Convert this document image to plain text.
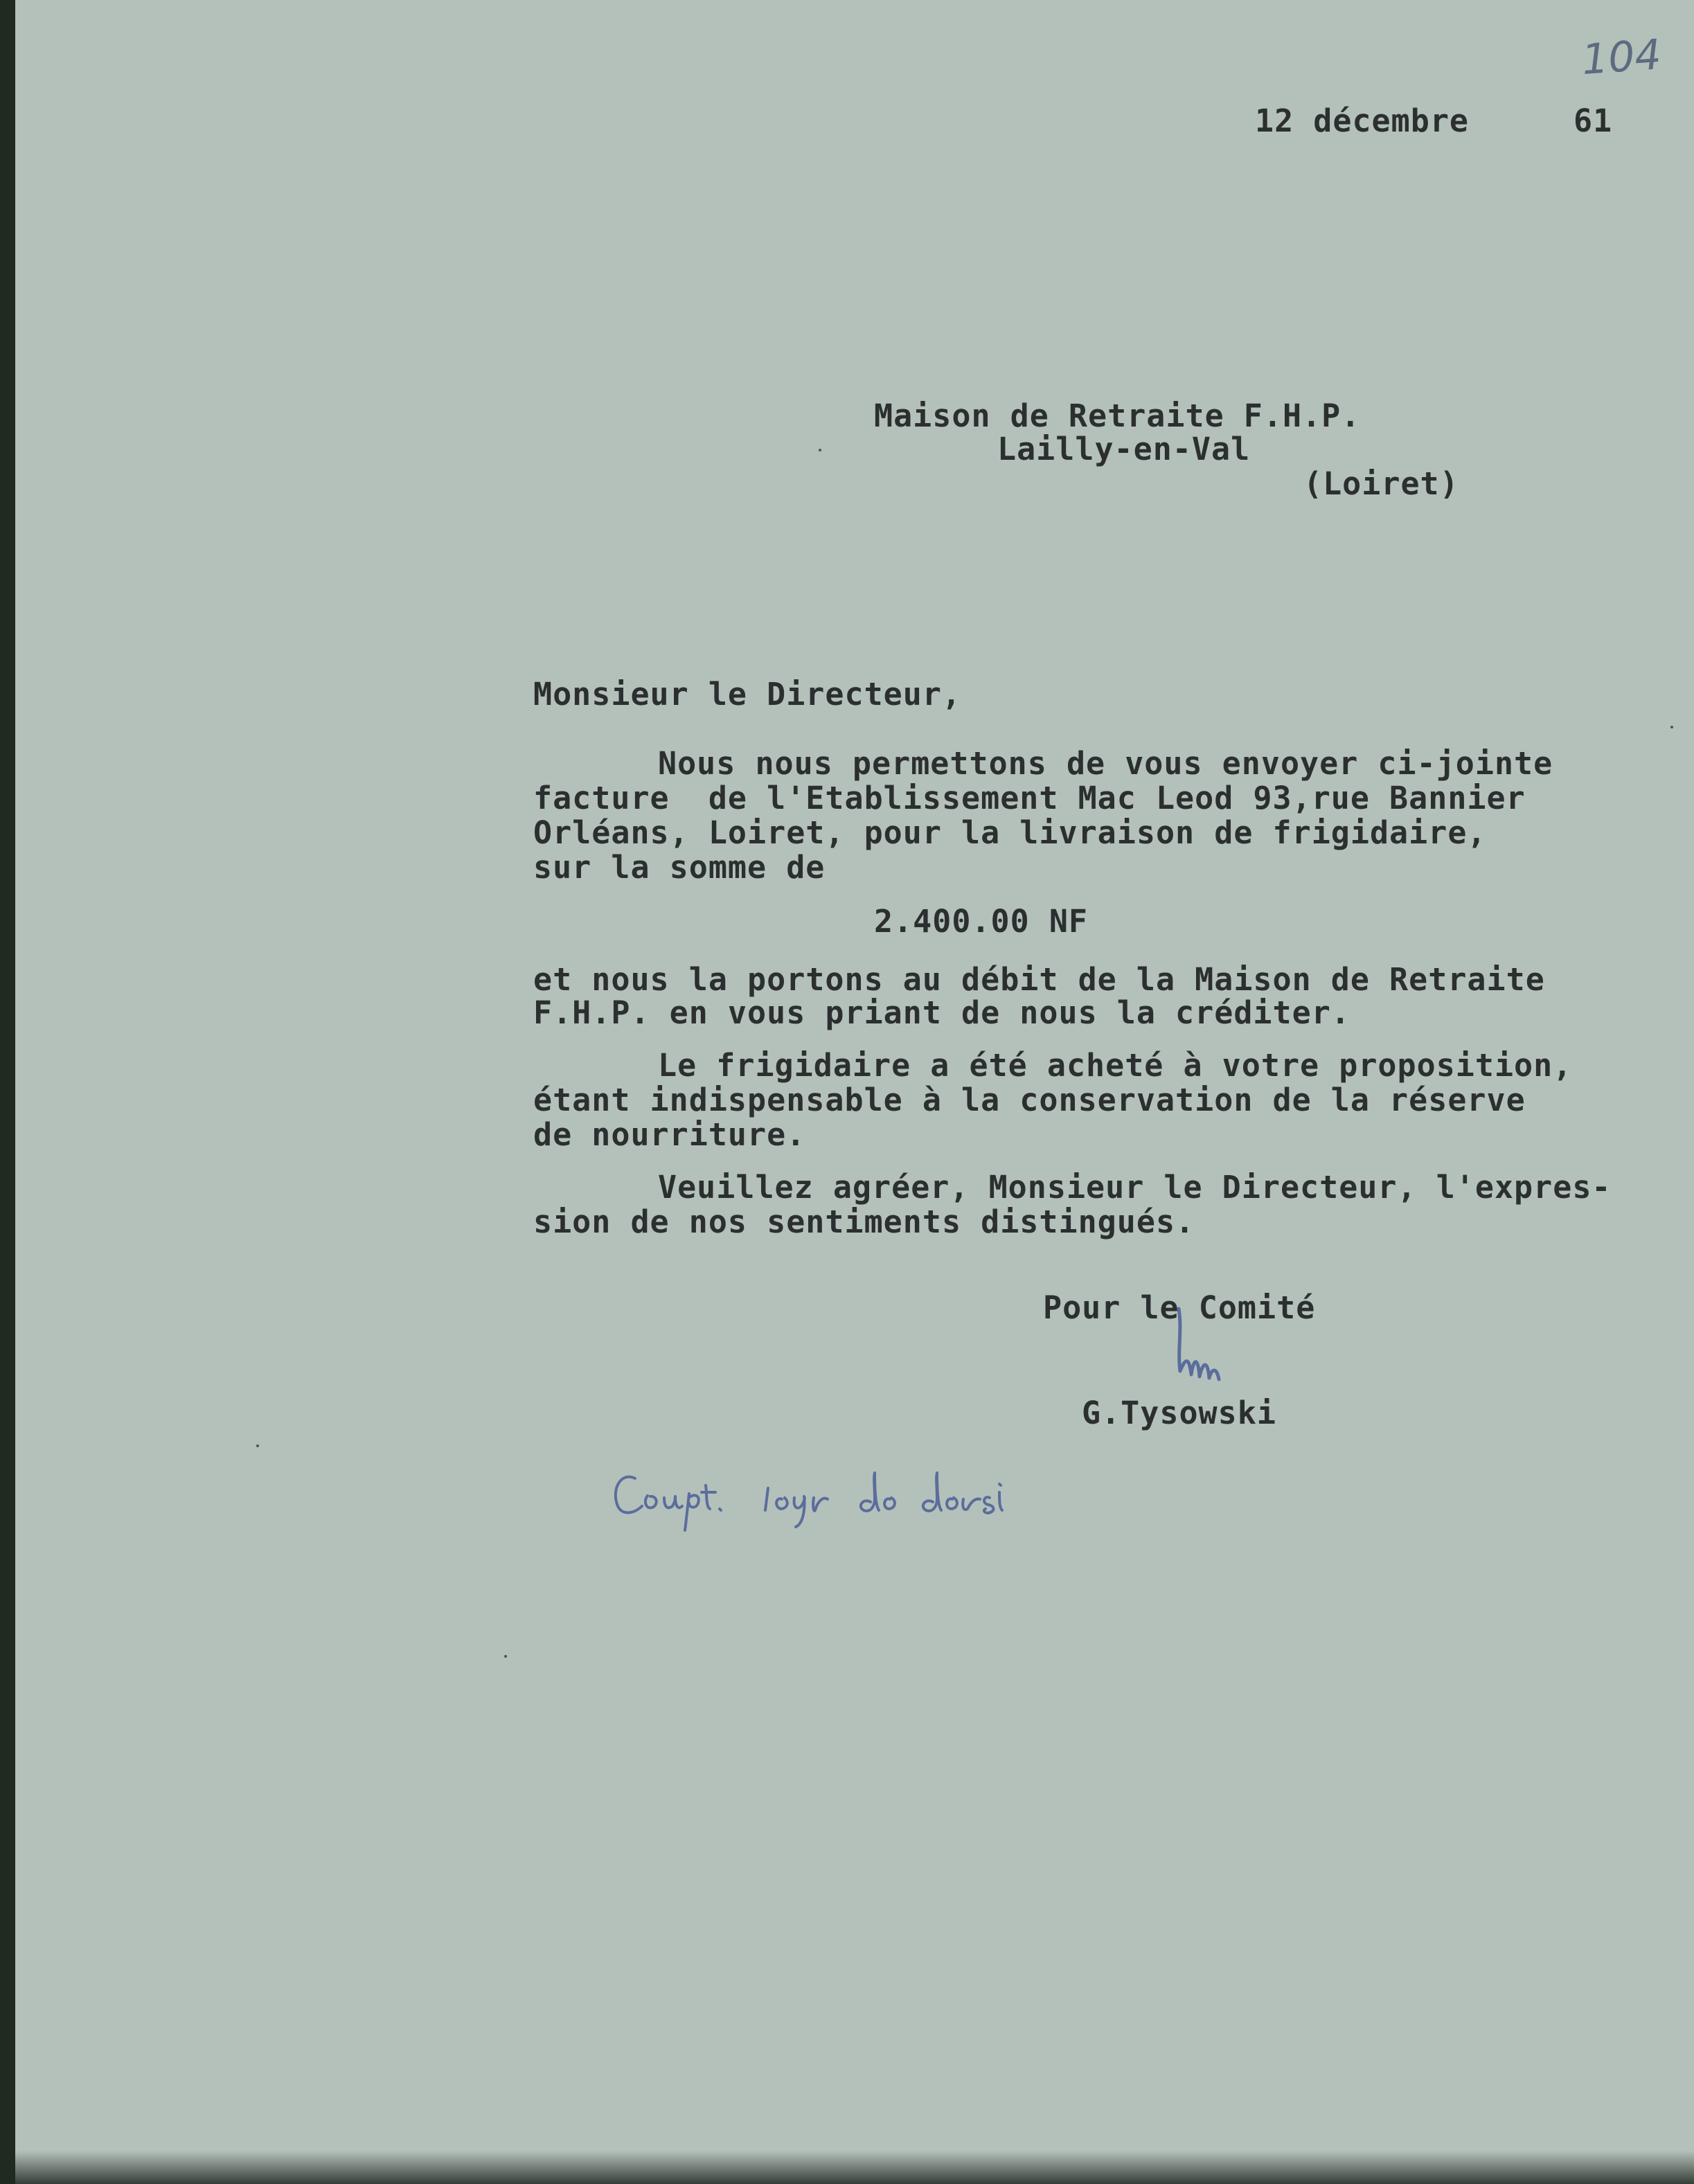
104
12 décembre	61
Maison de Retraite F.H.P.
Lailly-en-Val
(Loiret)
Monsieur le Directeur,
Nous nous permettons de vous envoyer ci-jointe
facture  de l'Etablissement Mac Leod 93,rue Bannier
Orléans, Loiret, pour la livraison de frigidaire,
sur la somme de
2.400.00 NF
et nous la portons au débit de la Maison de Retraite
F.H.P. en vous priant de nous la créditer.
Le frigidaire a été acheté à votre proposition,
étant indispensable à la conservation de la réserve
de nourriture.
Veuillez agréer, Monsieur le Directeur, l'expres-
sion de nos sentiments distingués.
Pour le Comité
G.Tysowski
